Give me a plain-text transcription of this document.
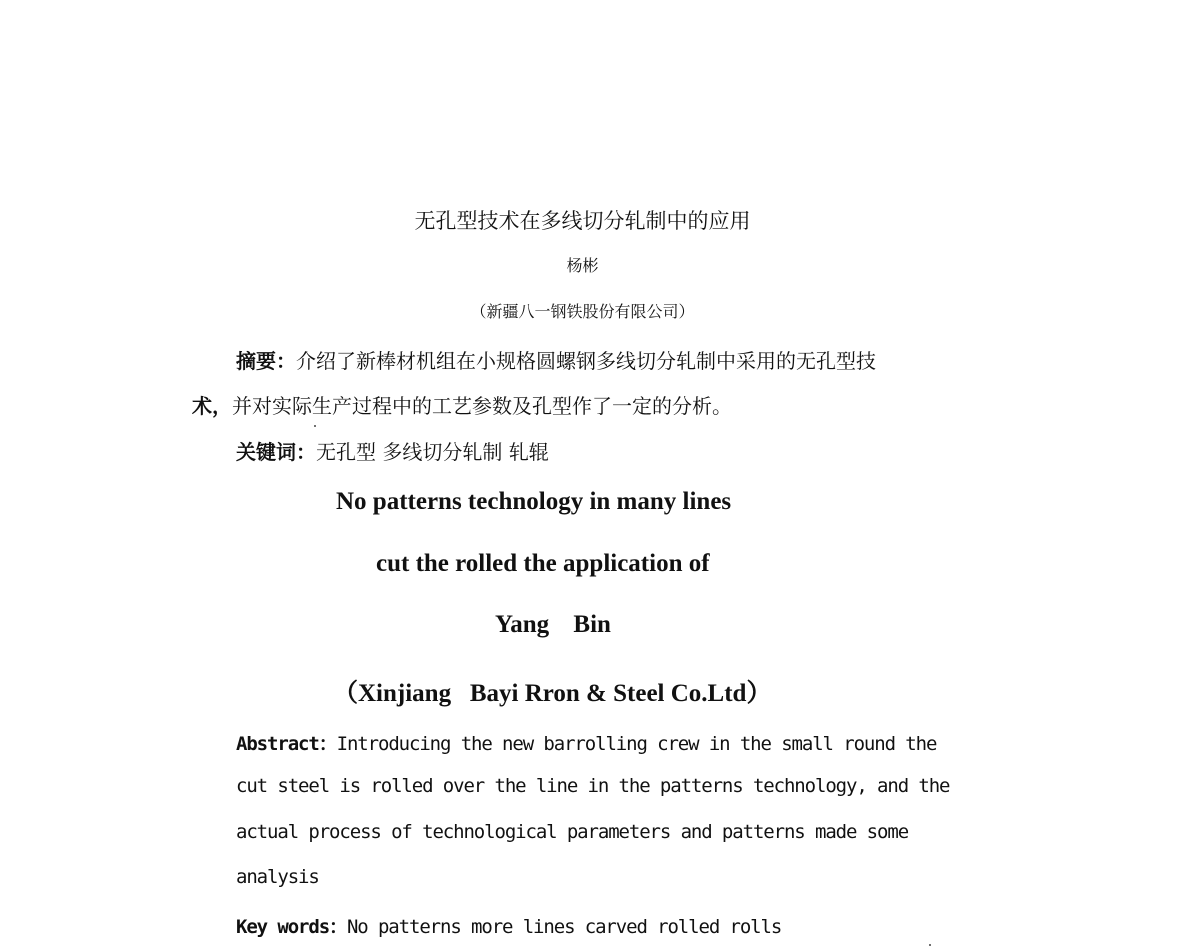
无孔型技术在多线切分轧制中的应用
杨彬
（新疆八一钢铁股份有限公司）
摘要：介绍了新棒材机组在小规格圆螺钢多线切分轧制中采用的无孔型技
术，并对实际生产过程中的工艺参数及孔型作了一定的分析。
关键词：无孔型 多线切分轧制 轧辊
No patterns technology in many lines
cut the rolled the application of
Yang Bin
（Xinjiang   Bayi Rron & Steel Co.Ltd）
Abstract：Introducing the new barrolling crew in the small round the
cut steel is rolled over the line in the patterns technology, and the
actual process of technological parameters and patterns made some
analysis
Key words：No patterns more lines carved rolled rolls
